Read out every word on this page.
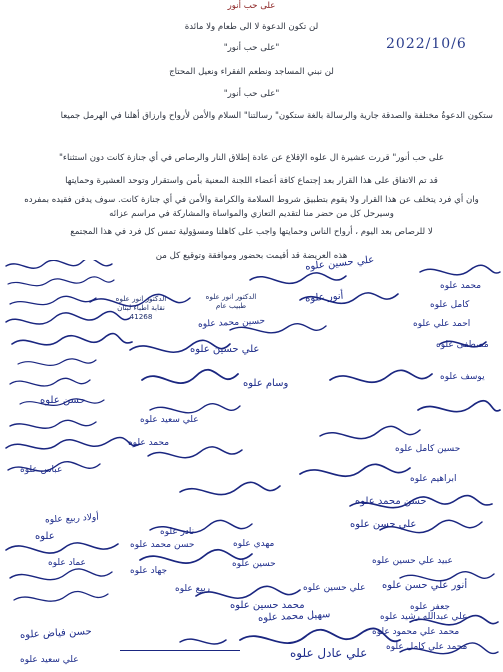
على حب أنور
لن تكون الدعوة لا الى طعام ولا مائدة
"على حب أنور"	2022/10/6
لن نبني المساجد ونطعم الفقراء ونعيل المحتاج
"على حب أنور"
ستكون الدعوةُ مختلفة والصدقة جارية والرسالة بالغة ستكون" رسالتنا" السلام والأمن لأرواح وارزاق أهلنا في الهرمل جميعا
على حب أنور" قررت عشيرة ال علوه الإقلاع عن عادة إطلاق النار والرصاص في أي جنازة كانت دون استثناء"
قد تم الاتفاق على هذا القرار بعد إجتماع كافة أعضاء اللجنة المعنية بأمن واستقرار وتوحد العشيرة وحمايتها
وان أي فرد يتخلف عن هذا القرار ولا يقوم بتطبيق شروط السلامة والكرامة والأمن في أي جنازة كانت. سوف يدفن فقيده بمفرده وسيرحل كل من حضر منا لتقديم التعازي والمواساة والمشاركة في مراسم عزائه
لا للرصاص بعد اليوم ، أرواح الناس وحمايتها واجب على كاهلنا ومسؤولية تمس كل فرد في هذا المجتمع
هذه العريضة قد أقيمت بحضور وموافقة وتوقيع كل من
الدكتور انور علوه
نقابة اطباء لبنان
4‎1268
الدكتور انور علوه
طبيب عام
علي حسين علوه
محمد علوه
أنور علوه
كامل علوه
حسين محمد علوه	احمد علي علوه
علي حسين علوه	مصطفى علوه
يوسف علوه
حسن علوه
وسام علوه
علي سعيد علوه
حسين كامل علوه
محمد علوه
عباس علوه
ابراهيم علوه
حسن محمد علوه
علي عادل علوه
علي حسن علوه
جعفر علوه
محمد حسين علوه
جهاد علوه
حسين علوه
سهيل محمد علوه
مهدي علوه
ربيع علوه
علوه
عماد علوه
أولاد ربيع علوه
نادر علوه
حسن فياض علوه
علي سعيد علوه
حسن محمد علوه
أنور علي حسن علوه
علي عبدالله رشيد علوه
محمد علي محمود علوه
محمد علي كامل علوه
علي حسين علوه
عبيد علي حسين علوه
